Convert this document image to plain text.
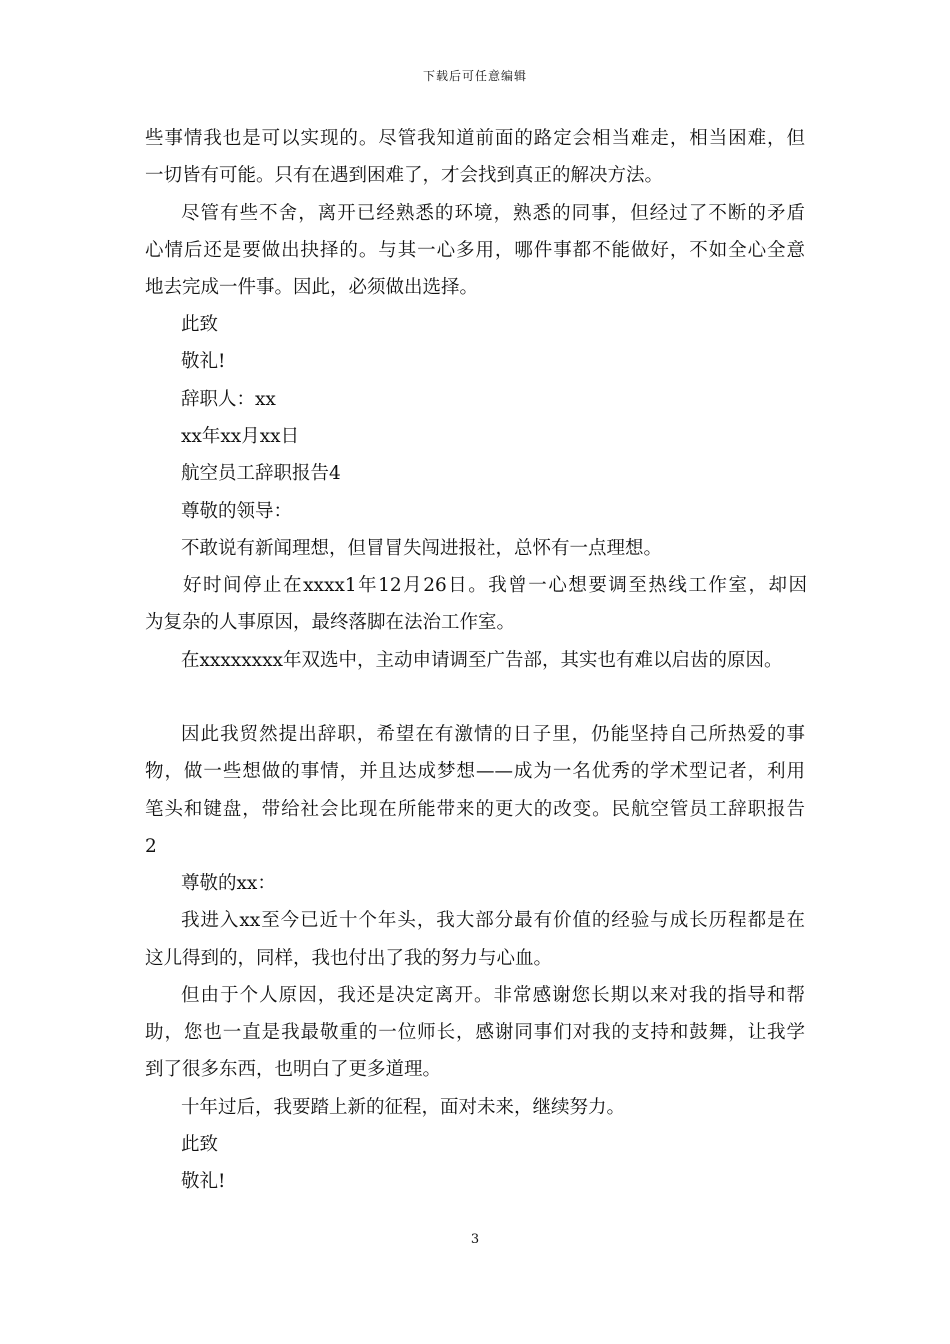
下载后可任意编辑
些事情我也是可以实现的。尽管我知道前面的路定会相当难走，相当困难，但
一切皆有可能。只有在遇到困难了，才会找到真正的解决方法。
尽管有些不舍，离开已经熟悉的环境，熟悉的同事，但经过了不断的矛盾
心情后还是要做出抉择的。与其一心多用，哪件事都不能做好，不如全心全意
地去完成一件事。因此，必须做出选择。
此致
敬礼!
辞职人：xx
xx年xx月xx日
航空员工辞职报告4
尊敬的领导：
不敢说有新闻理想，但冒冒失闯进报社，总怀有一点理想。
好时间停止在xxxx1年12月26日。我曾一心想要调至热线工作室，却因
为复杂的人事原因，最终落脚在法治工作室。
在xxxxxxxx年双选中，主动申请调至广告部，其实也有难以启齿的原因。
因此我贸然提出辞职，希望在有激情的日子里，仍能坚持自己所热爱的事
物，做一些想做的事情，并且达成梦想——成为一名优秀的学术型记者，利用
笔头和键盘，带给社会比现在所能带来的更大的改变。民航空管员工辞职报告
2
尊敬的xx：
我进入xx至今已近十个年头，我大部分最有价值的经验与成长历程都是在
这儿得到的，同样，我也付出了我的努力与心血。
但由于个人原因，我还是决定离开。非常感谢您长期以来对我的指导和帮
助，您也一直是我最敬重的一位师长，感谢同事们对我的支持和鼓舞，让我学
到了很多东西，也明白了更多道理。
十年过后，我要踏上新的征程，面对未来，继续努力。
此致
敬礼!
3
